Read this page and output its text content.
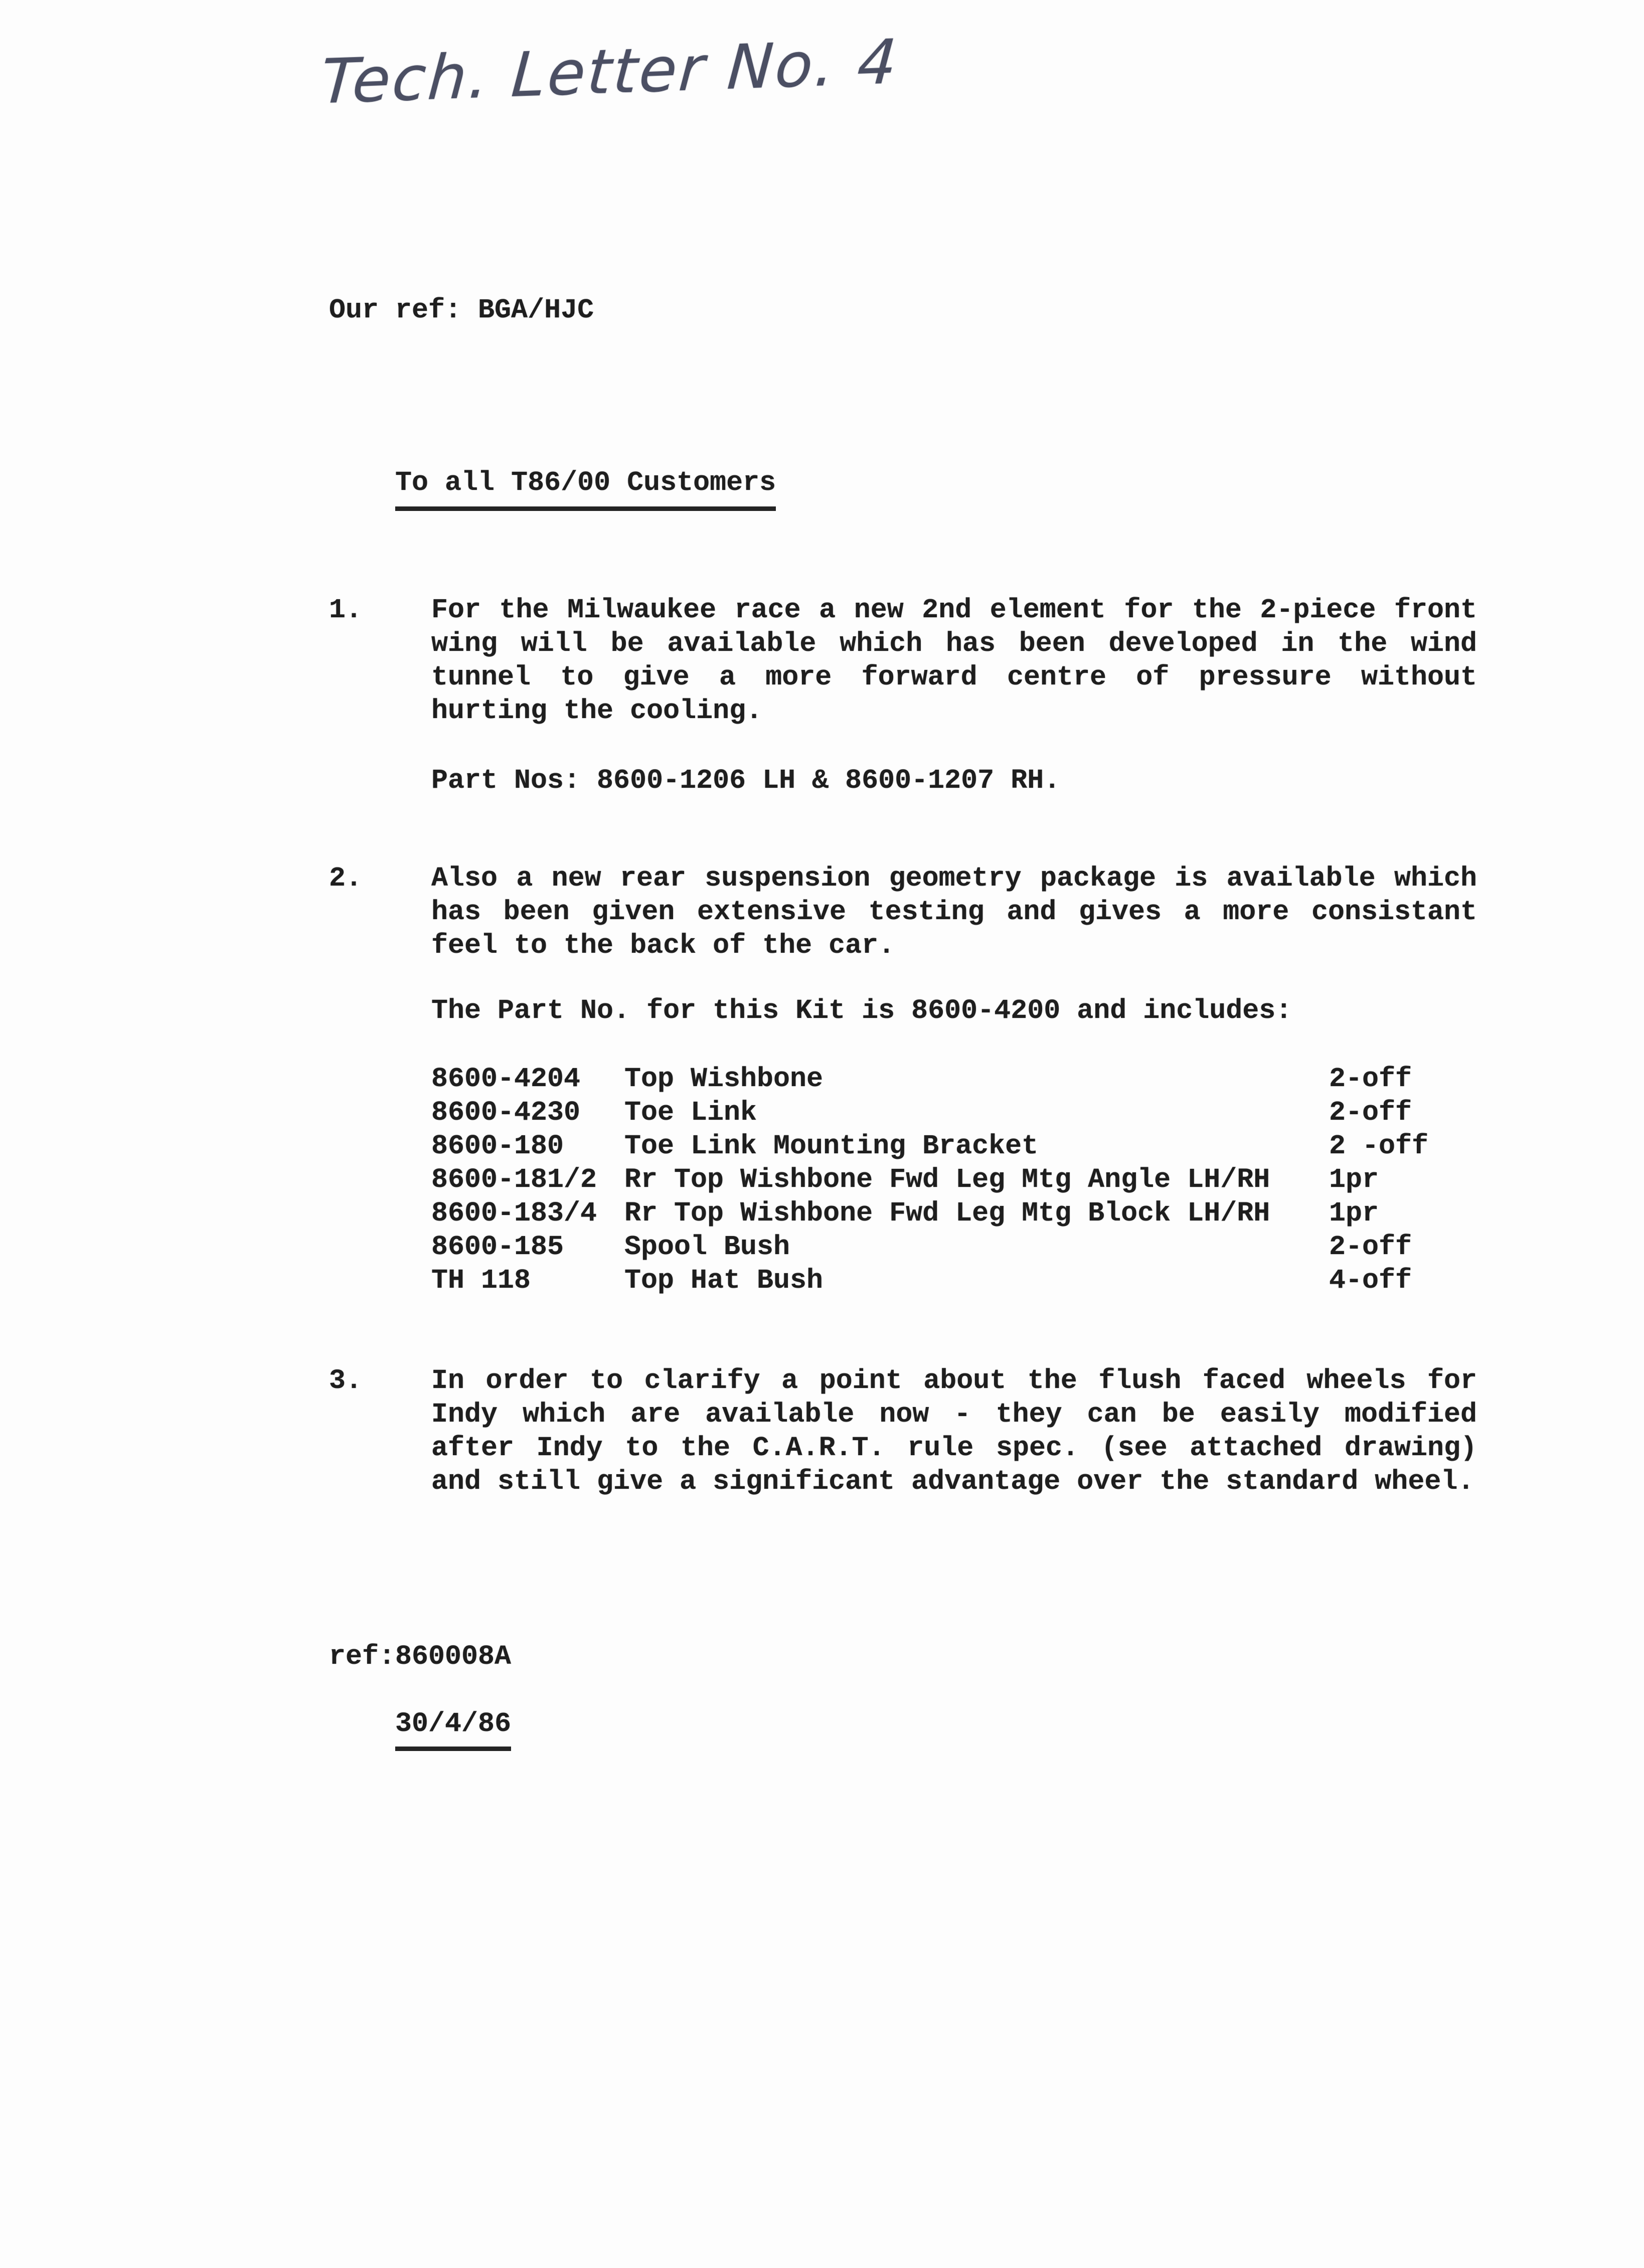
Tech. Letter No. 4
Our ref: BGA/HJC

To all T86/00 Customers

1.	For the Milwaukee race a new 2nd element for the 2-piece front
wing will be available which has been developed in the wind
tunnel to give a more forward centre of pressure without
hurting the cooling.
Part Nos: 8600-1206 LH & 8600-1207 RH.
2.	Also a new rear suspension geometry package is available which
has been given extensive testing and gives a more consistant
feel to the back of the car.
The Part No. for this Kit is 8600-4200 and includes:
8600-4204	Top Wishbone	2-off
8600-4230	Toe Link	2-off
8600-180	Toe Link Mounting Bracket	2 -off
8600-181/2 Rr Top Wishbone Fwd Leg Mtg Angle LH/RH	1pr
8600-183/4 Rr Top Wishbone Fwd Leg Mtg Block LH/RH	1pr
8600-185	Spool Bush	2-off
TH 118	Top Hat Bush	4-off
3.	In order to clarify a point about the flush faced wheels for
Indy which are available now - they can be easily modified
after Indy to the C.A.R.T. rule spec. (see attached drawing)
and still give a significant advantage over the standard wheel.
ref:860008A

30/4/86
